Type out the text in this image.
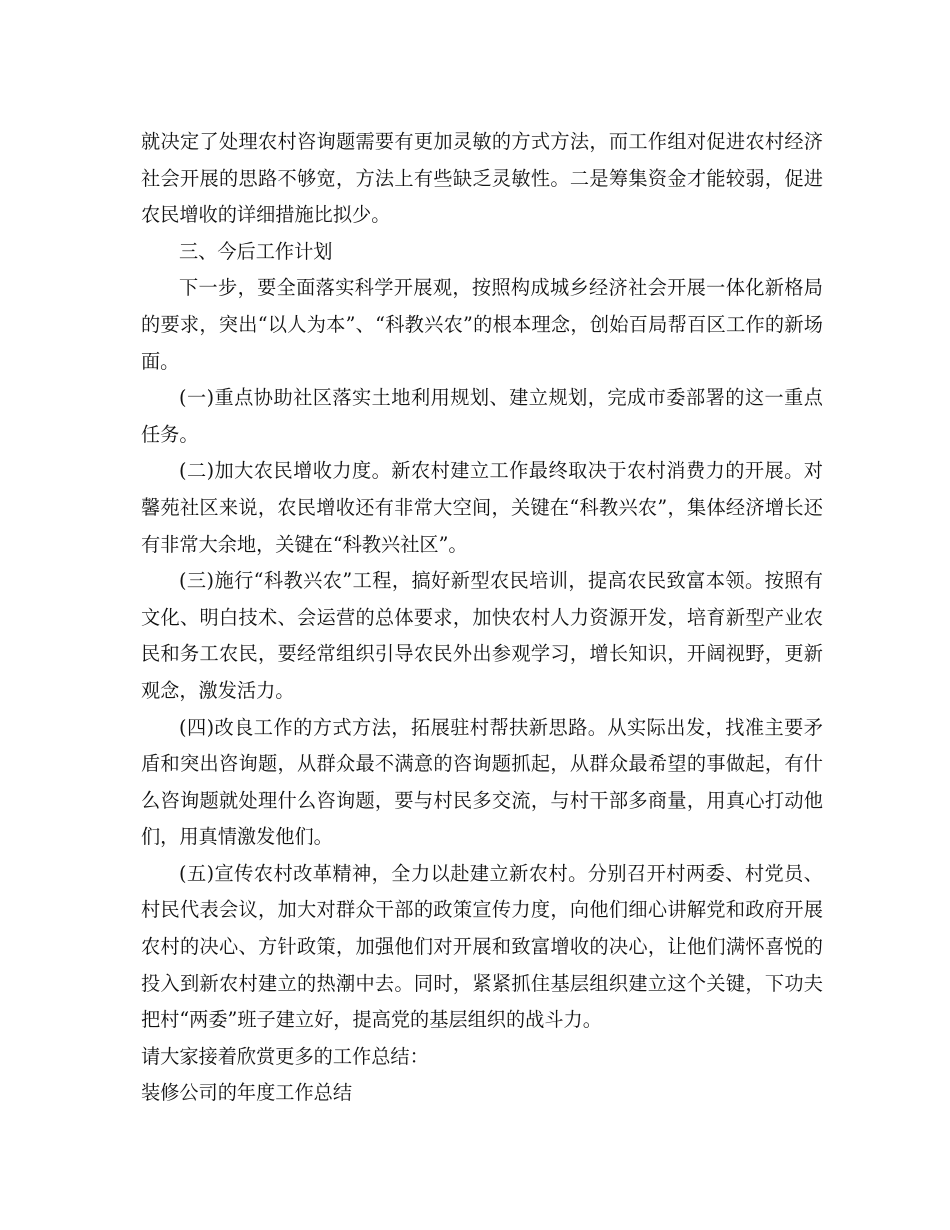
就决定了处理农村咨询题需要有更加灵敏的方式方法，而工作组对促进农村经济社会开展的思路不够宽，方法上有些缺乏灵敏性。二是筹集资金才能较弱，促进农民增收的详细措施比拟少。

三、今后工作计划

下一步，要全面落实科学开展观，按照构成城乡经济社会开展一体化新格局的要求，突出“以人为本”、“科教兴农”的根本理念，创始百局帮百区工作的新场面。

(一)重点协助社区落实土地利用规划、建立规划，完成市委部署的这一重点任务。

(二)加大农民增收力度。新农村建立工作最终取决于农村消费力的开展。对馨苑社区来说，农民增收还有非常大空间，关键在“科教兴农”，集体经济增长还有非常大余地，关键在“科教兴社区”。

(三)施行“科教兴农”工程，搞好新型农民培训，提高农民致富本领。按照有文化、明白技术、会运营的总体要求，加快农村人力资源开发，培育新型产业农民和务工农民，要经常组织引导农民外出参观学习，增长知识，开阔视野，更新观念，激发活力。

(四)改良工作的方式方法，拓展驻村帮扶新思路。从实际出发，找准主要矛盾和突出咨询题，从群众最不满意的咨询题抓起，从群众最希望的事做起，有什么咨询题就处理什么咨询题，要与村民多交流，与村干部多商量，用真心打动他们，用真情激发他们。

(五)宣传农村改革精神，全力以赴建立新农村。分别召开村两委、村党员、村民代表会议，加大对群众干部的政策宣传力度，向他们细心讲解党和政府开展农村的决心、方针政策，加强他们对开展和致富增收的决心，让他们满怀喜悦的投入到新农村建立的热潮中去。同时，紧紧抓住基层组织建立这个关键，下功夫把村“两委”班子建立好，提高党的基层组织的战斗力。

请大家接着欣赏更多的工作总结：

装修公司的年度工作总结
